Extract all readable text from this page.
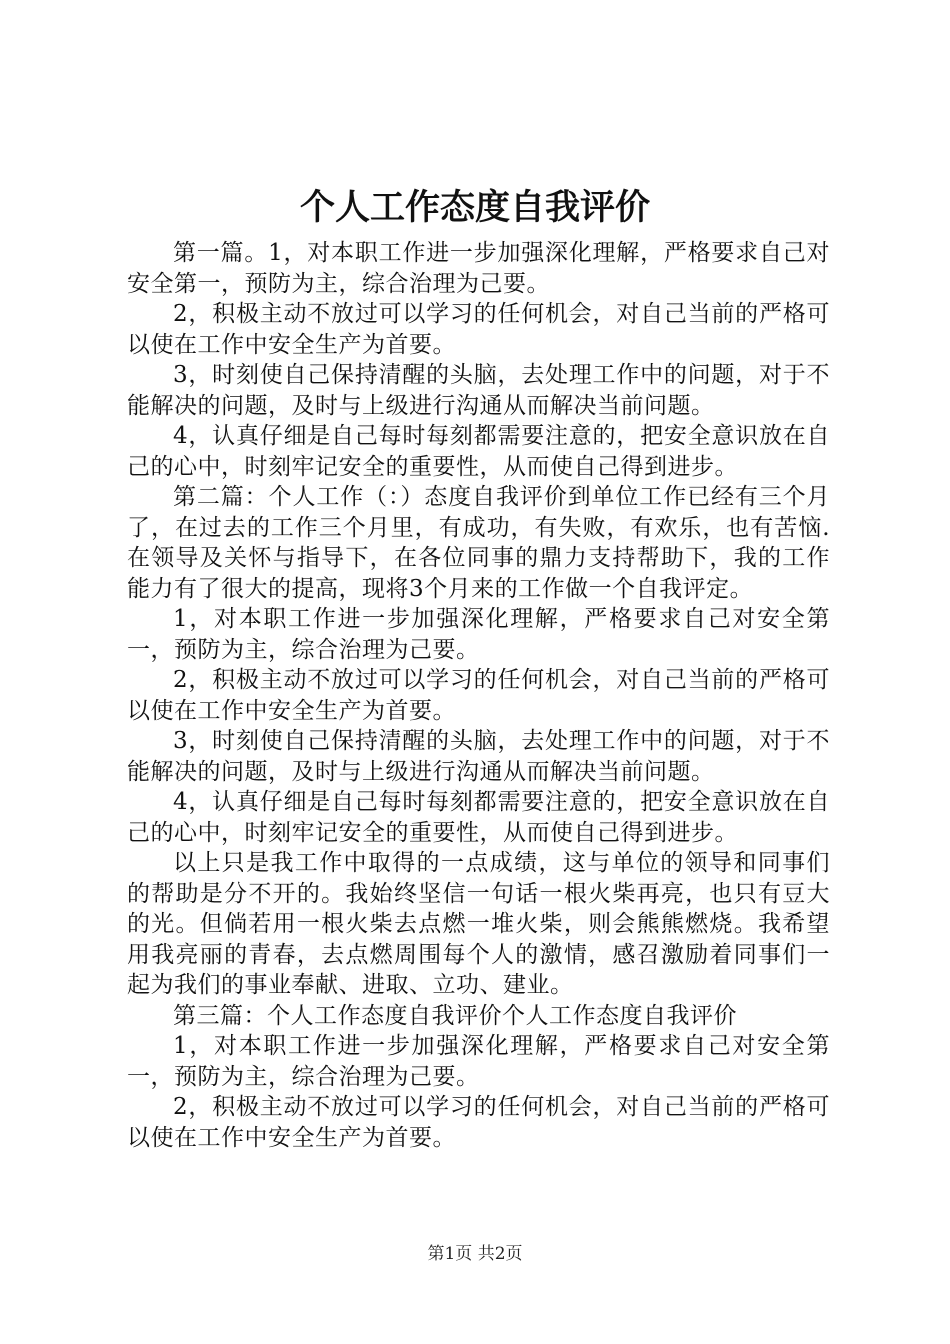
个人工作态度自我评价

第一篇。1，对本职工作进一步加强深化理解，严格要求自己对安全第一，预防为主，综合治理为己要。

2，积极主动不放过可以学习的任何机会，对自己当前的严格可以使在工作中安全生产为首要。

3，时刻使自己保持清醒的头脑，去处理工作中的问题，对于不能解决的问题，及时与上级进行沟通从而解决当前问题。

4，认真仔细是自己每时每刻都需要注意的，把安全意识放在自己的心中，时刻牢记安全的重要性，从而使自己得到进步。

第二篇：个人工作（：）态度自我评价到单位工作已经有三个月了，在过去的工作三个月里，有成功，有失败，有欢乐，也有苦恼.在领导及关怀与指导下，在各位同事的鼎力支持帮助下，我的工作能力有了很大的提高，现将3个月来的工作做一个自我评定。

1，对本职工作进一步加强深化理解，严格要求自己对安全第一，预防为主，综合治理为己要。

2，积极主动不放过可以学习的任何机会，对自己当前的严格可以使在工作中安全生产为首要。

3，时刻使自己保持清醒的头脑，去处理工作中的问题，对于不能解决的问题，及时与上级进行沟通从而解决当前问题。

4，认真仔细是自己每时每刻都需要注意的，把安全意识放在自己的心中，时刻牢记安全的重要性，从而使自己得到进步。

以上只是我工作中取得的一点成绩，这与单位的领导和同事们的帮助是分不开的。我始终坚信一句话一根火柴再亮，也只有豆大的光。但倘若用一根火柴去点燃一堆火柴，则会熊熊燃烧。我希望用我亮丽的青春，去点燃周围每个人的激情，感召激励着同事们一起为我们的事业奉献、进取、立功、建业。

第三篇：个人工作态度自我评价个人工作态度自我评价

1，对本职工作进一步加强深化理解，严格要求自己对安全第一，预防为主，综合治理为己要。

2，积极主动不放过可以学习的任何机会，对自己当前的严格可以使在工作中安全生产为首要。

第1页 共2页
